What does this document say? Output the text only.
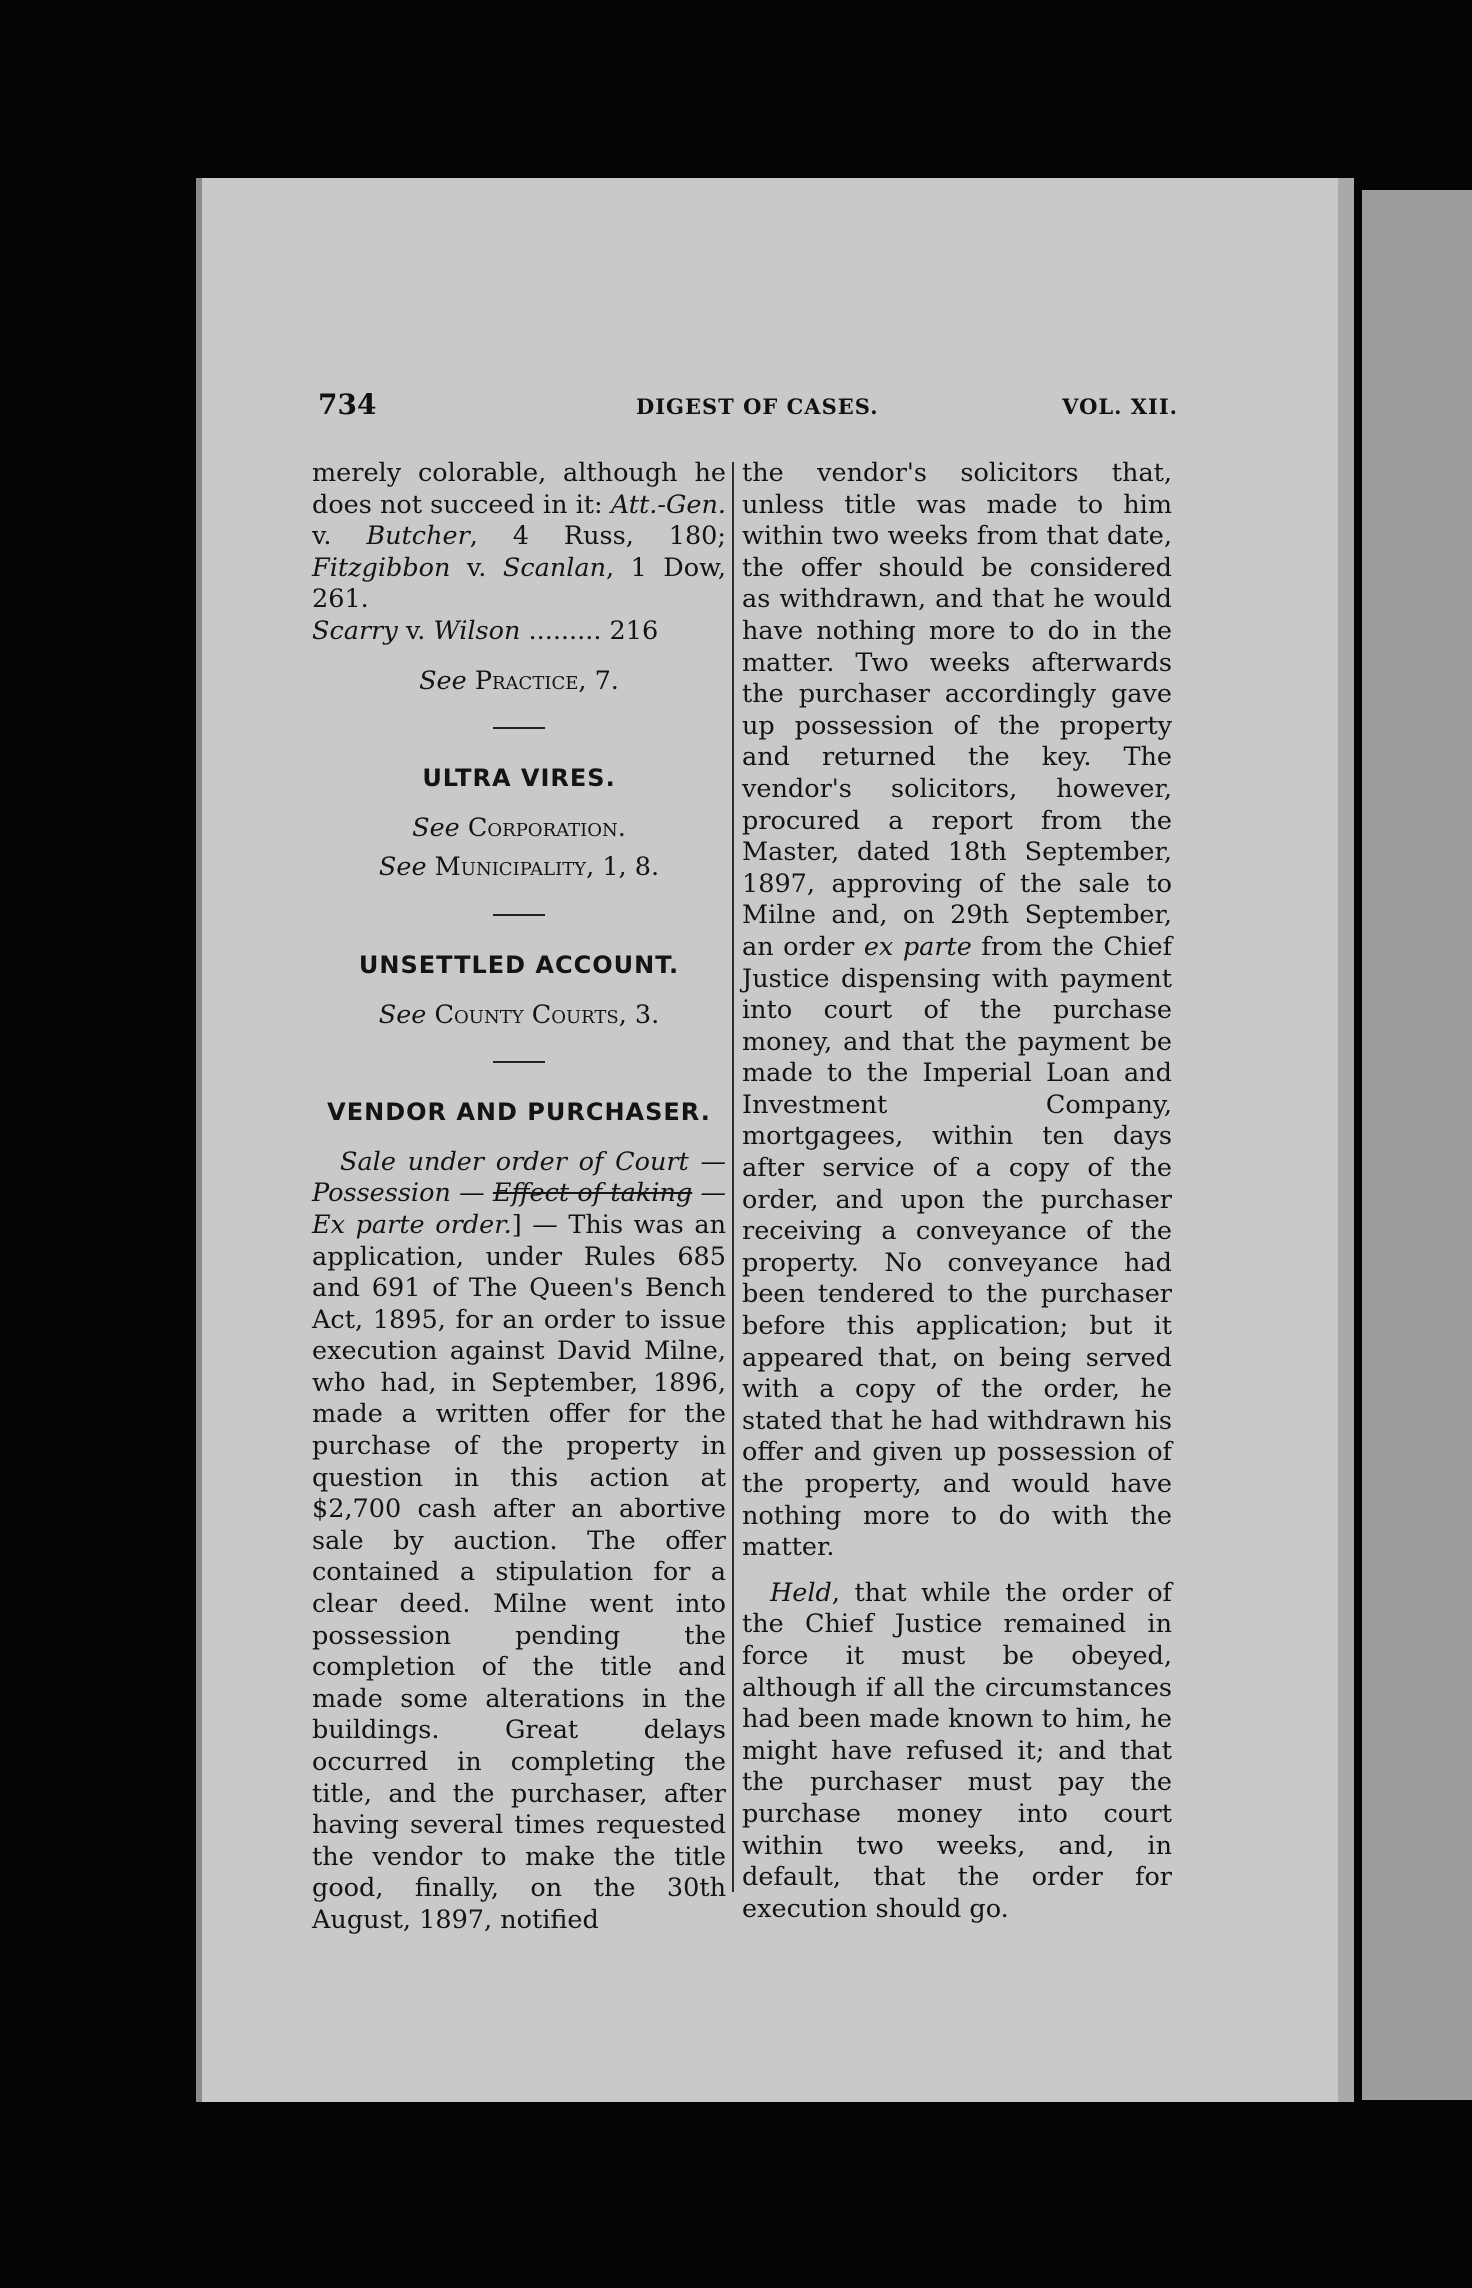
734	DIGEST OF CASES.	VOL. XII.

merely colorable, although he does not succeed in it: Att.-Gen. v. Butcher, 4 Russ, 180; Fitzgibbon v. Scanlan, 1 Dow, 261.
Scarry v. Wilson ......... 216

See Practice, 7.

ULTRA VIRES.

See Corporation.

See Municipality, 1, 8.

UNSETTLED ACCOUNT.

See County Courts, 3.

VENDOR AND PURCHASER.

Sale under order of Court — Possession — Effect of taking —Ex parte order.] — This was an application, under Rules 685 and 691 of The Queen's Bench Act, 1895, for an order to issue execution against David Milne, who had, in September, 1896, made a written offer for the purchase of the property in question in this action at $2,700 cash after an abortive sale by auction. The offer contained a stipulation for a clear deed. Milne went into possession pending the completion of the title and made some alterations in the buildings. Great delays occurred in completing the title, and the purchaser, after having several times requested the vendor to make the title good, finally, on the 30th August, 1897, notified

the vendor's solicitors that, unless title was made to him within two weeks from that date, the offer should be considered as withdrawn, and that he would have nothing more to do in the matter. Two weeks afterwards the purchaser accordingly gave up possession of the property and returned the key. The vendor's solicitors, however, procured a report from the Master, dated 18th September, 1897, approving of the sale to Milne and, on 29th September, an order ex parte from the Chief Justice dispensing with payment into court of the purchase money, and that the payment be made to the Imperial Loan and Investment Company, mortgagees, within ten days after service of a copy of the order, and upon the purchaser receiving a conveyance of the property. No conveyance had been tendered to the purchaser before this application; but it appeared that, on being served with a copy of the order, he stated that he had withdrawn his offer and given up possession of the property, and would have nothing more to do with the matter.

Held, that while the order of the Chief Justice remained in force it must be obeyed, although if all the circumstances had been made known to him, he might have refused it; and that the purchaser must pay the purchase money into court within two weeks, and, in default, that the order for execution should go.
